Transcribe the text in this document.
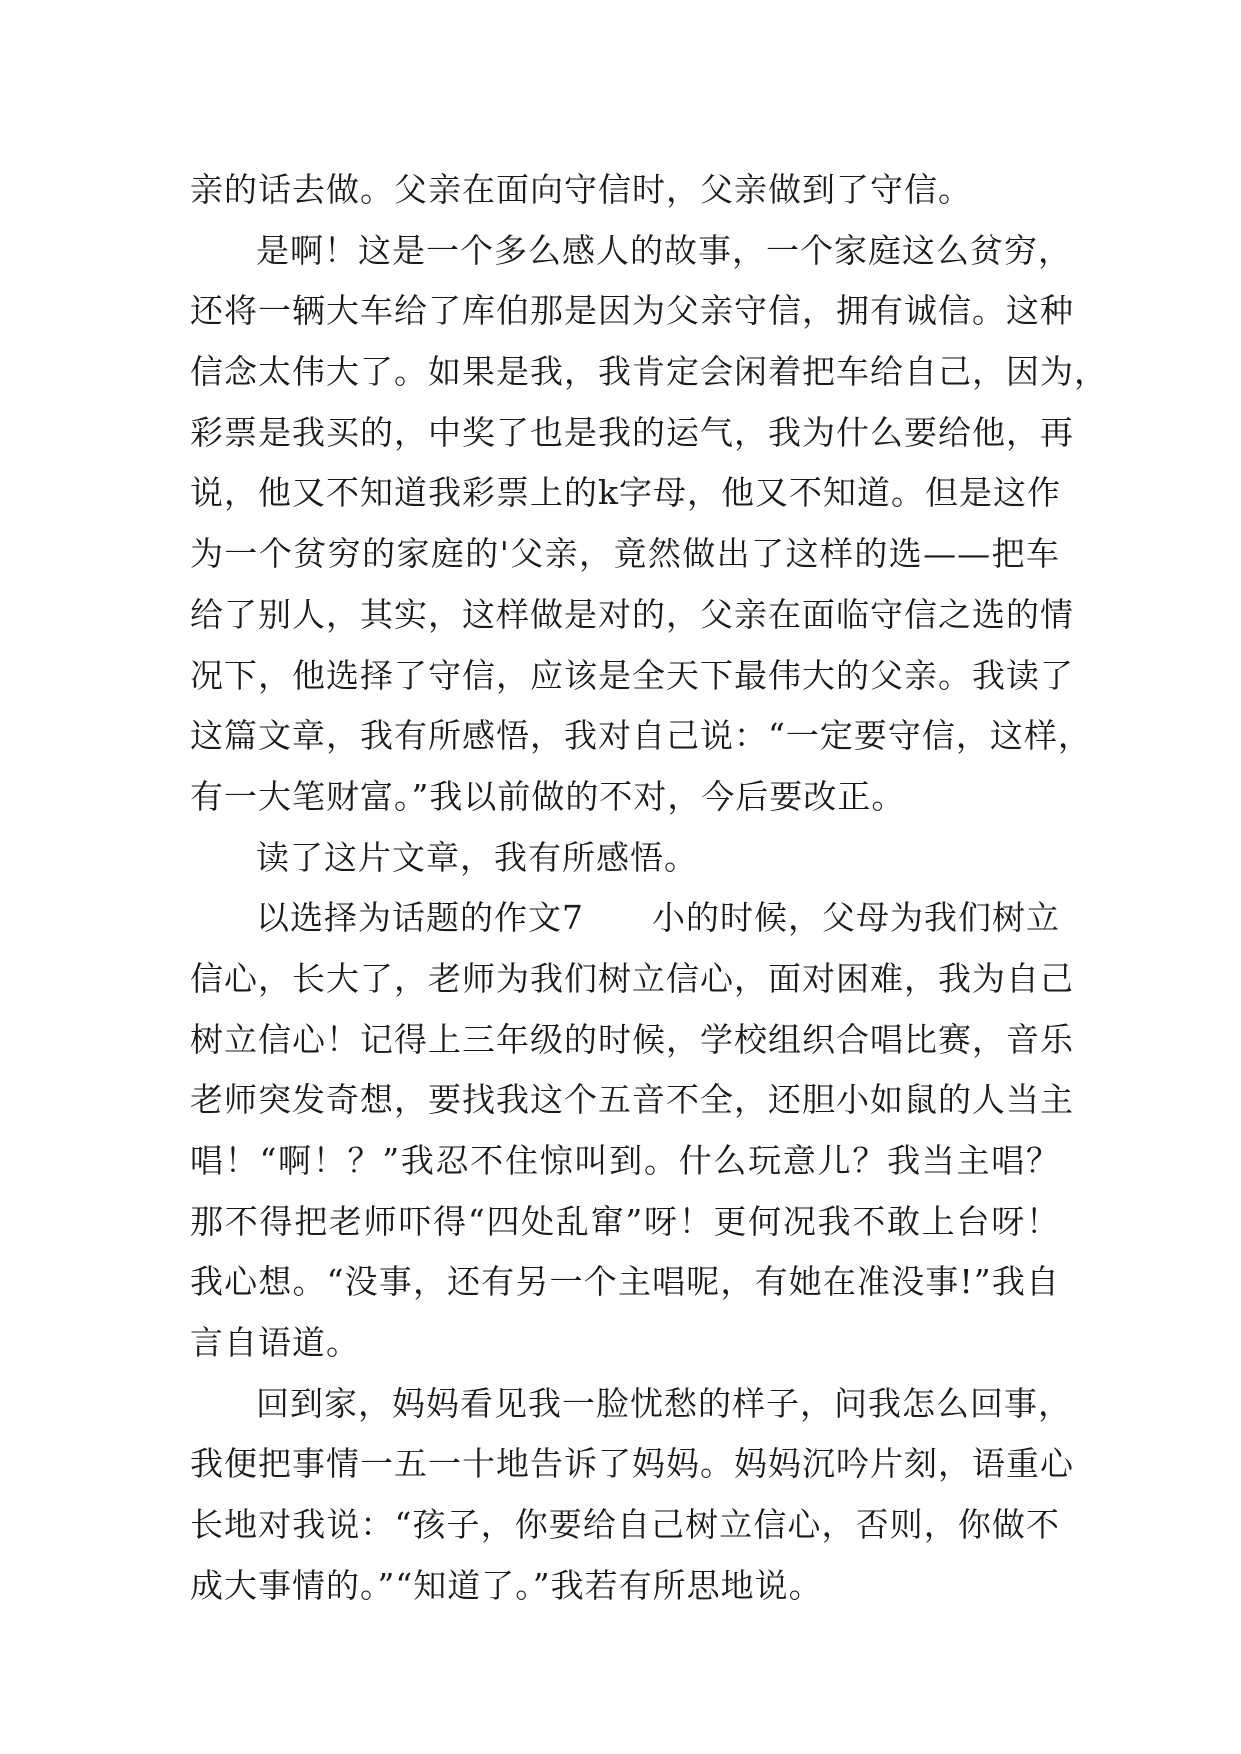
亲的话去做。父亲在面向守信时，父亲做到了守信。
是啊！这是一个多么感人的故事，一个家庭这么贫穷，
还将一辆大车给了库伯那是因为父亲守信，拥有诚信。这种
信念太伟大了。如果是我，我肯定会闲着把车给自己，因为，
彩票是我买的，中奖了也是我的运气，我为什么要给他，再
说，他又不知道我彩票上的k字母，他又不知道。但是这作
为一个贫穷的家庭的'父亲，竟然做出了这样的选——把车
给了别人，其实，这样做是对的，父亲在面临守信之选的情
况下，他选择了守信，应该是全天下最伟大的父亲。我读了
这篇文章，我有所感悟，我对自己说：“一定要守信，这样，
有一大笔财富。”我以前做的不对，今后要改正。
读了这片文章，我有所感悟。
以选择为话题的作文7　　小的时候，父母为我们树立
信心，长大了，老师为我们树立信心，面对困难，我为自己
树立信心！记得上三年级的时候，学校组织合唱比赛，音乐
老师突发奇想，要找我这个五音不全，还胆小如鼠的人当主
唱！“啊！？”我忍不住惊叫到。什么玩意儿？我当主唱？
那不得把老师吓得“四处乱窜”呀！更何况我不敢上台呀！
我心想。“没事，还有另一个主唱呢，有她在准没事!”我自
言自语道。
回到家，妈妈看见我一脸忧愁的样子，问我怎么回事，
我便把事情一五一十地告诉了妈妈。妈妈沉吟片刻，语重心
长地对我说：“孩子，你要给自己树立信心，否则，你做不
成大事情的。”“知道了。”我若有所思地说。
